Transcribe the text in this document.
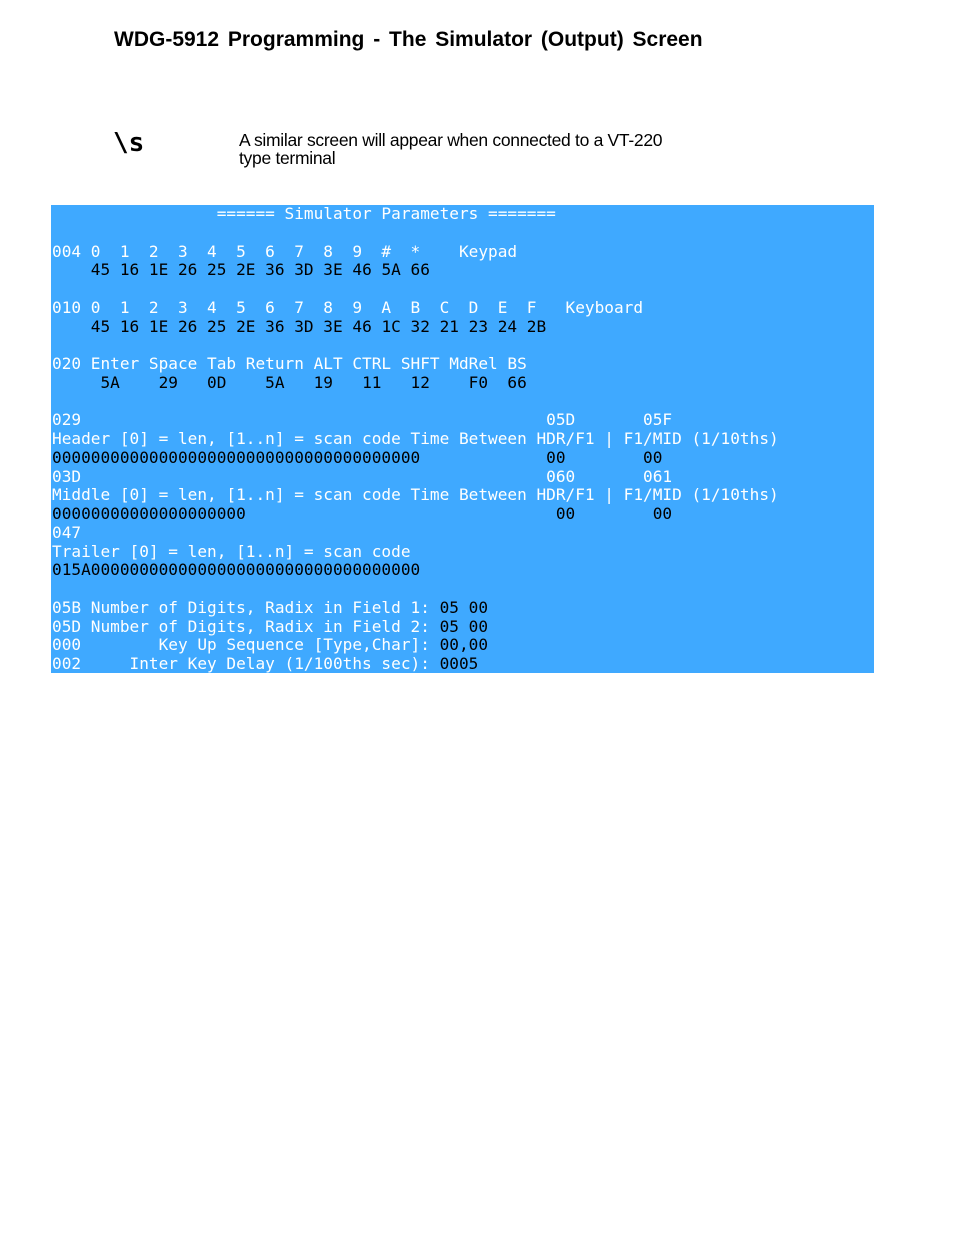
WDG-5912 Programming - The Simulator (Output) Screen
\s	A similar screen will appear when connected to a VT-220
type terminal
====== Simulator Parameters =======
004 0  1  2  3  4  5  6  7  8  9  #  *    Keypad
45 16 1E 26 25 2E 36 3D 3E 46 5A 66
010 0  1  2  3  4  5  6  7  8  9  A  B  C  D  E  F   Keyboard
45 16 1E 26 25 2E 36 3D 3E 46 1C 32 21 23 24 2B
020 Enter Space Tab Return ALT CTRL SHFT MdRel BS
5A    29   0D    5A   19   11   12    F0  66
029                                                05D       05F
Header [0] = len, [1..n] = scan code Time Between HDR/F1 | F1/MID (1/10ths)
00000000000000000000000000000000000000             00        00
03D                                                060       061
Middle [0] = len, [1..n] = scan code Time Between HDR/F1 | F1/MID (1/10ths)
00000000000000000000                                00        00
047
Trailer [0] = len, [1..n] = scan code
015A0000000000000000000000000000000000
05B Number of Digits, Radix in Field 1: 05 00
05D Number of Digits, Radix in Field 2: 05 00
000        Key Up Sequence [Type,Char]: 00,00
002     Inter Key Delay (1/100ths sec): 0005
